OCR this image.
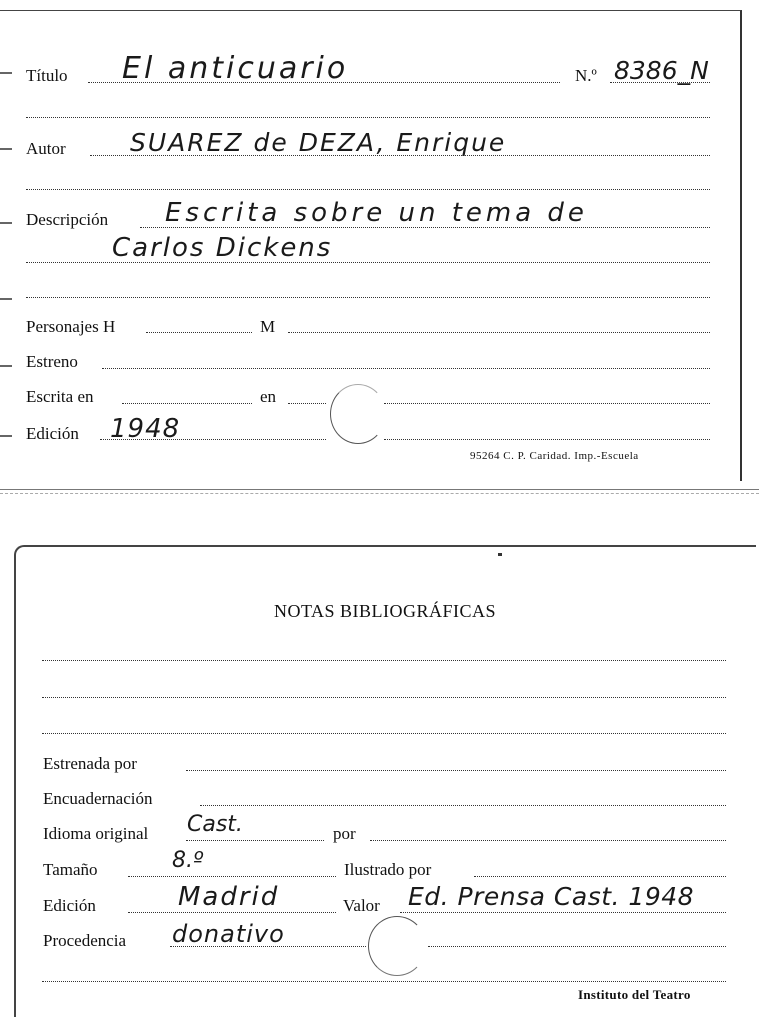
Título El anticuario	N.º 8386_N
Autor	SUAREZ de DEZA, Enrique
Descripción Escrita sobre un tema de
Carlos Dickens
Personajes H	M
Estreno
Escrita en	en
Edición 1948
95264 C. P. Caridad. Imp.-Escuela
NOTAS BIBLIOGRÁFICAS
Estrenada por
Encuadernación
Idioma original Cast.	por
Tamaño	8.º	Ilustrado por
Edición	Madrid	Valor Ed. Prensa Cast. 1948
Procedencia donativo
Instituto del Teatro
